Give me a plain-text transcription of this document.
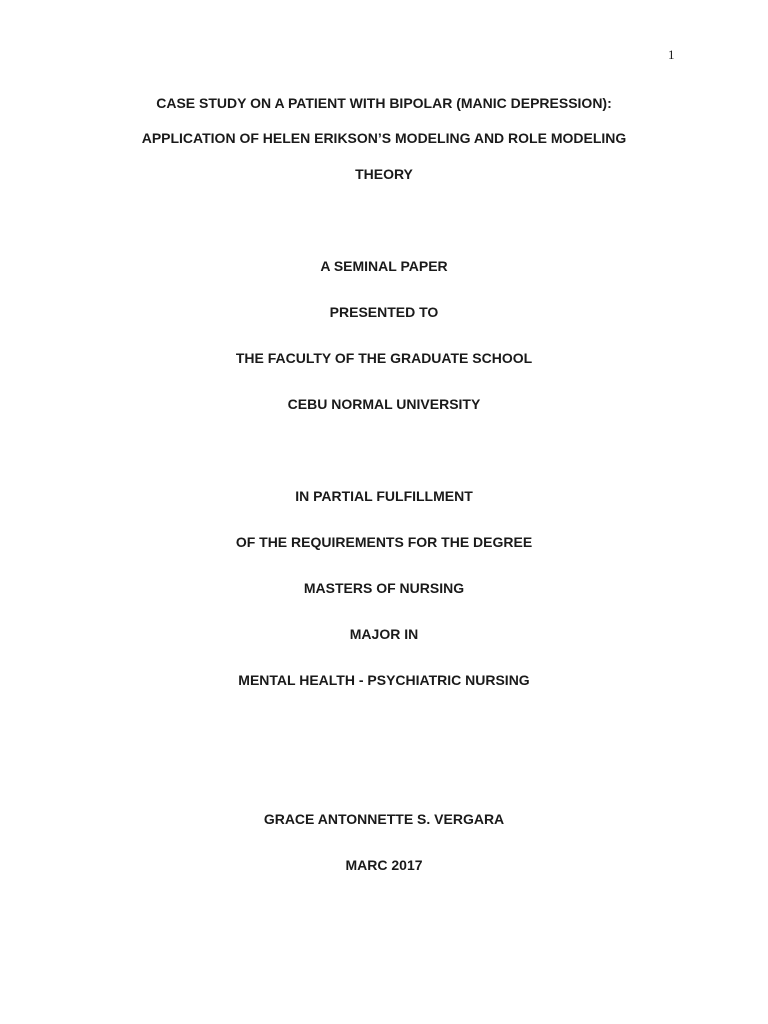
1
CASE STUDY ON A PATIENT WITH BIPOLAR (MANIC DEPRESSION):
APPLICATION OF HELEN ERIKSON’S MODELING AND ROLE MODELING
THEORY
A SEMINAL PAPER
PRESENTED TO
THE FACULTY OF THE GRADUATE SCHOOL
CEBU NORMAL UNIVERSITY
IN PARTIAL FULFILLMENT
OF THE REQUIREMENTS FOR THE DEGREE
MASTERS OF NURSING
MAJOR IN
MENTAL HEALTH - PSYCHIATRIC NURSING
GRACE ANTONNETTE S. VERGARA
MARC 2017
